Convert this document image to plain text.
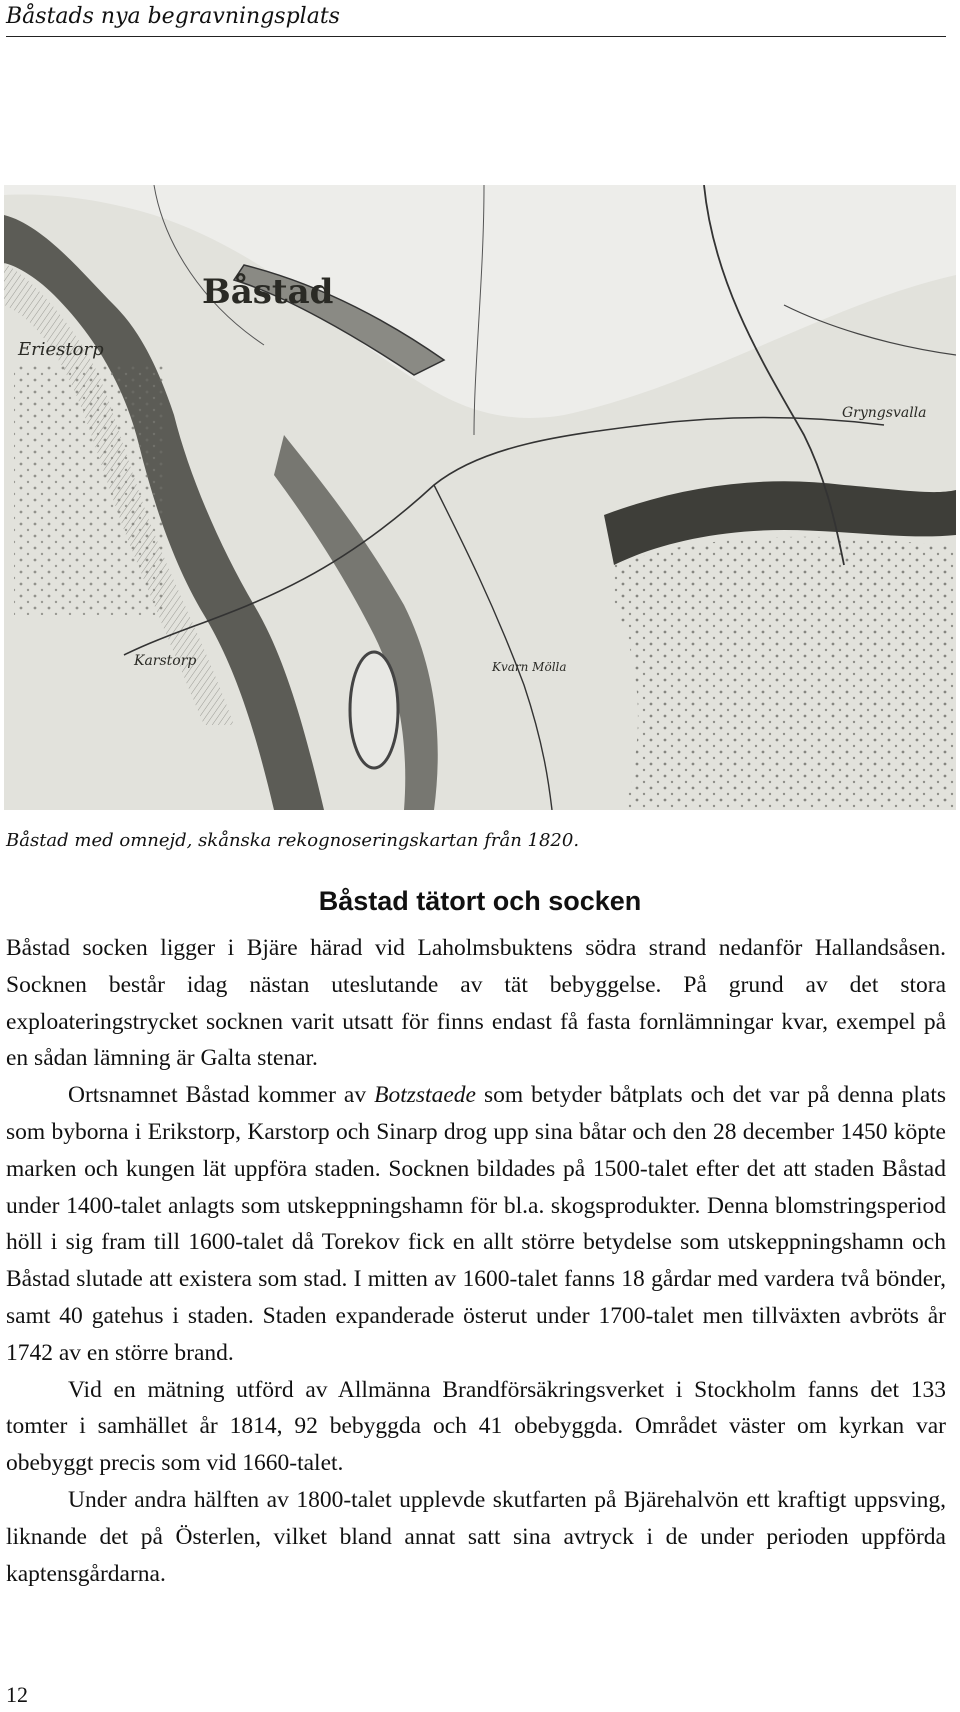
Båstads nya begravningsplats
Båstad
Eriestorp
Karstorp	Kvarn Mölla
Gryngsvalla
Båstad med omnejd, skånska rekognoseringskartan från 1820.
Båstad tätort och socken

Båstad socken ligger i Bjäre härad vid Laholmsbuktens södra strand nedanför Hallandsåsen. Socknen består idag nästan uteslutande av tät bebyggelse. På grund av det stora exploateringstrycket socknen varit utsatt för finns endast få fasta fornlämningar kvar, exempel på en sådan lämning är Galta stenar.

Ortsnamnet Båstad kommer av Botzstaede som betyder båtplats och det var på denna plats som byborna i Erikstorp, Karstorp och Sinarp drog upp sina båtar och den 28 december 1450 köpte marken och kungen lät uppföra staden. Socknen bildades på 1500-talet efter det att staden Båstad under 1400-talet anlagts som utskeppningshamn för bl.a. skogsprodukter. Denna blomstringsperiod höll i sig fram till 1600-talet då Torekov fick en allt större betydelse som utskeppningshamn och Båstad slutade att existera som stad. I mitten av 1600-talet fanns 18 gårdar med vardera två bönder, samt 40 gatehus i staden. Staden expanderade österut under 1700-talet men tillväxten avbröts år 1742 av en större brand.

Vid en mätning utförd av Allmänna Brandförsäkringsverket i Stockholm fanns det 133 tomter i samhället år 1814, 92 bebyggda och 41 obebyggda. Området väster om kyrkan var obebyggt precis som vid 1660-talet.

Under andra hälften av 1800-talet upplevde skutfarten på Bjärehalvön ett kraftigt uppsving, liknande det på Österlen, vilket bland annat satt sina avtryck i de under perioden uppförda kaptensgårdarna.

12
